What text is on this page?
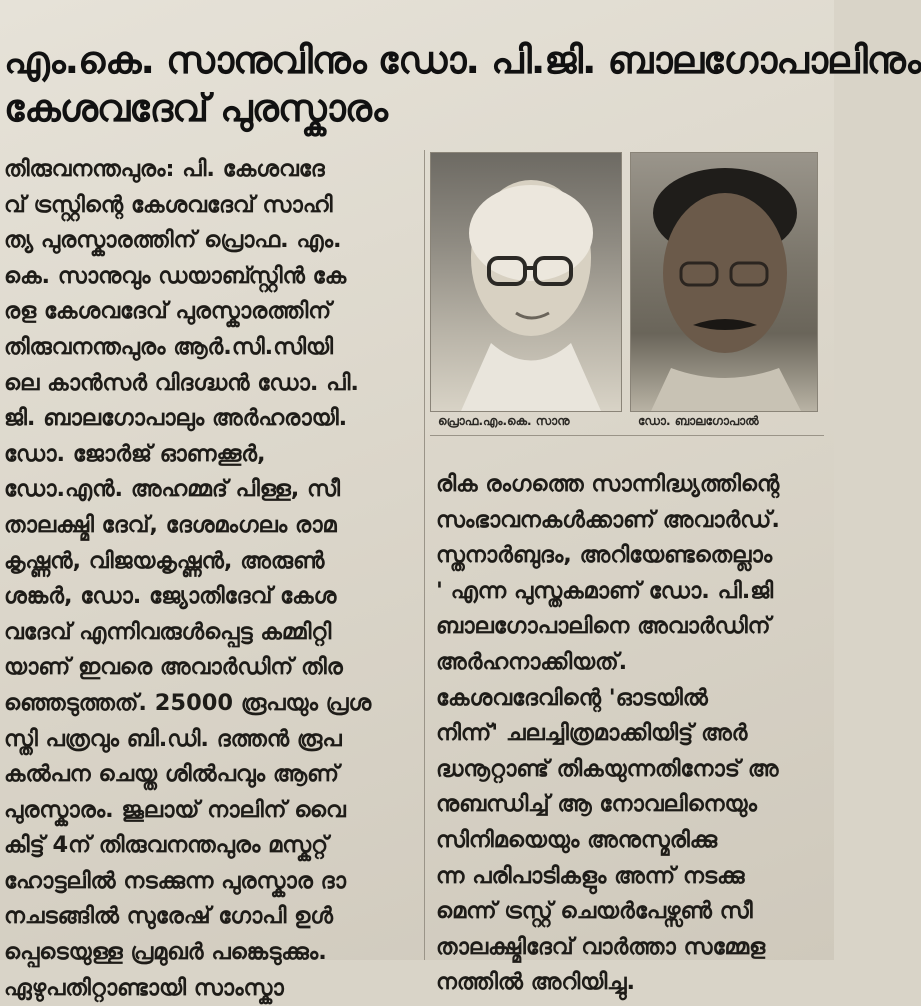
എം.കെ. സാനുവിനും ഡോ. പി.ജി. ബാലഗോപാലിനും
കേശവദേവ് പുരസ്കാരം
തിരുവനന്തപുരം: പി. കേശവദേ
വ് ട്രസ്റ്റിന്റെ കേശവദേവ് സാഹി
ത്യ പുരസ്കാരത്തിന് പ്രൊഫ. എം.
കെ. സാനുവും ഡയാബ്സ്റ്റിൻ കേ
രള കേശവദേവ് പുരസ്കാരത്തിന്
തിരുവനന്തപുരം ആർ.സി.സിയി
ലെ കാൻസർ വിദഗ്ദ്ധൻ ഡോ. പി.
ജി. ബാലഗോപാലും അർഹരായി.
ഡോ. ജോർജ് ഓണക്കൂർ,
ഡോ.എൻ. അഹമ്മദ് പിള്ള, സീ
താലക്ഷ്മി ദേവ്, ദേശമംഗലം രാമ
കൃഷ്ണൻ, വിജയകൃഷ്ണൻ, അരുൺ
ശങ്കർ, ഡോ. ജ്യോതിദേവ് കേശ
വദേവ് എന്നിവരുൾപ്പെട്ട കമ്മിറ്റി
യാണ് ഇവരെ അവാർഡിന് തിര
ഞ്ഞെടുത്തത്. 25000 രൂപയും പ്രശ
സ്തി പത്രവും ബി.ഡി. ദത്തൻ രൂപ
കൽപന ചെയ്ത ശിൽപവും ആണ്
പുരസ്കാരം. ജൂലായ് നാലിന് വൈ
കിട്ട് 4ന് തിരുവനന്തപുരം മസ്കറ്റ്
ഹോട്ടലിൽ നടക്കുന്ന പുരസ്കാര ദാ
നചടങ്ങിൽ സുരേഷ് ഗോപി ഉൾ
പ്പെടെയുള്ള പ്രമുഖർ പങ്കെടുക്കും.
ഏഴുപതിറ്റാണ്ടായി സാംസ്കാ
പ്രൊഫ.എം.കെ. സാനു	ഡോ. ബാലഗോപാൽ
രിക രംഗത്തെ സാന്നിദ്ധ്യത്തിന്റെ
സംഭാവനകൾക്കാണ് അവാർഡ്.
സ്തനാർബുദം, അറിയേണ്ടതെല്ലാം
' എന്ന പുസ്തകമാണ് ഡോ. പി.ജി
ബാലഗോപാലിനെ അവാർഡിന്
അർഹനാക്കിയത്.
കേശവദേവിന്റെ 'ഓടയിൽ
നിന്ന്' ചലച്ചിത്രമാക്കിയിട്ട് അർ
ദ്ധനൂറ്റാണ്ട് തികയുന്നതിനോട് അ
നുബന്ധിച്ച് ആ നോവലിനെയും
സിനിമയെയും അനുസ്മരിക്കു
ന്ന പരിപാടികളും അന്ന് നടക്കു
മെന്ന് ട്രസ്റ്റ് ചെയർപേഴ്സൺ സീ
താലക്ഷ്മിദേവ് വാർത്താ സമ്മേള
നത്തിൽ അറിയിച്ചു.
